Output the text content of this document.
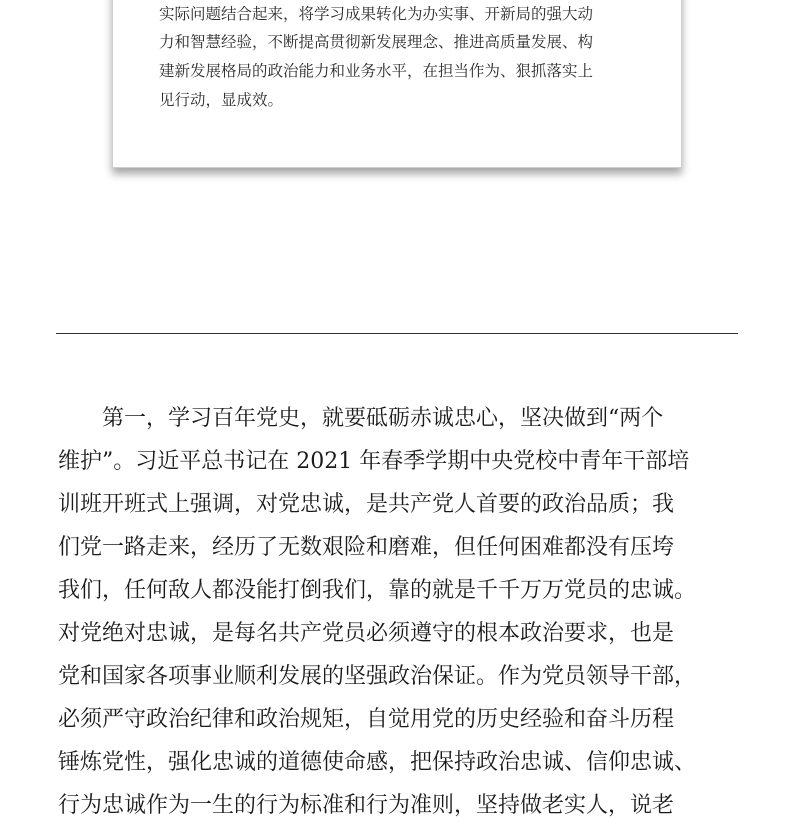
实际问题结合起来，将学习成果转化为办实事、开新局的强大动
力和智慧经验，不断提高贯彻新发展理念、推进高质量发展、构
建新发展格局的政治能力和业务水平，在担当作为、狠抓落实上
见行动，显成效。
　　第一，学习百年党史，就要砥砺赤诚忠心，坚决做到“两个
维护”。习近平总书记在 2021 年春季学期中央党校中青年干部培
训班开班式上强调，对党忠诚，是共产党人首要的政治品质；我
们党一路走来，经历了无数艰险和磨难，但任何困难都没有压垮
我们，任何敌人都没能打倒我们，靠的就是千千万万党员的忠诚。
对党绝对忠诚，是每名共产党员必须遵守的根本政治要求，也是
党和国家各项事业顺利发展的坚强政治保证。作为党员领导干部，
必须严守政治纪律和政治规矩，自觉用党的历史经验和奋斗历程
锤炼党性，强化忠诚的道德使命感，把保持政治忠诚、信仰忠诚、
行为忠诚作为一生的行为标准和行为准则，坚持做老实人，说老
